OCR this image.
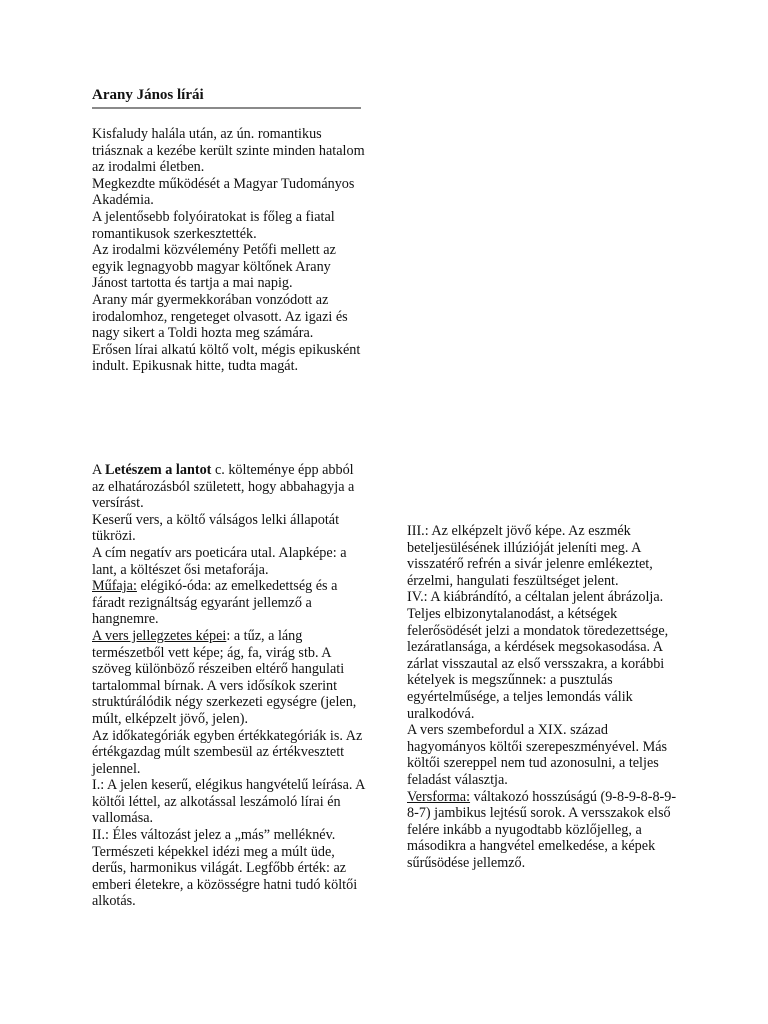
Arany János lírái

Kisfaludy halála után, az ún. romantikus triásznak a kezébe került szinte minden hatalom az irodalmi életben.

Megkezdte működését a Magyar Tudományos Akadémia.

A jelentősebb folyóiratokat is főleg a fiatal romantikusok szerkesztették.

Az irodalmi közvélemény Petőfi mellett az egyik legnagyobb magyar költőnek Arany Jánost tartotta és tartja a mai napig.

Arany már gyermekkorában vonzódott az irodalomhoz, rengeteget olvasott. Az igazi és nagy sikert a Toldi hozta meg számára.

Erősen lírai alkatú költő volt, mégis epikusként indult. Epikusnak hitte, tudta magát.

A Letészem a lantot c. költeménye épp abból az elhatározásból született, hogy abbahagyja a versírást.

Keserű vers, a költő válságos lelki állapotát tükrözi.

A cím negatív ars poeticára utal. Alapképe: a lant, a költészet ősi metaforája.

Műfaja: elégikó-óda: az emelkedettség és a fáradt rezignáltság egyaránt jellemző a hangnemre.

A vers jellegzetes képei: a tűz, a láng természetből vett képe; ág, fa, virág stb. A szöveg különböző részeiben eltérő hangulati tartalommal bírnak. A vers idősíkok szerint struktúrálódik négy szerkezeti egységre (jelen, múlt, elképzelt jövő, jelen).

Az időkategóriák egyben értékkategóriák is. Az értékgazdag múlt szembesül az értékvesztett jelennel.

I.: A jelen keserű, elégikus hangvételű leírása. A költői léttel, az alkotással leszámoló lírai én vallomása.

II.: Éles változást jelez a „más” melléknév. Természeti képekkel idézi meg a múlt üde, derűs, harmonikus világát. Legfőbb érték: az emberi életekre, a közösségre hatni tudó költői alkotás.

III.: Az elképzelt jövő képe. Az eszmék beteljesülésének illúzióját jeleníti meg. A visszatérő refrén a sivár jelenre emlékeztet, érzelmi, hangulati feszültséget jelent.

IV.: A kiábrándító, a céltalan jelent ábrázolja. Teljes elbizonytalanodást, a kétségek felerősödését jelzi a mondatok töredezettsége, lezáratlansága, a kérdések megsokasodása. A zárlat visszautal az első versszakra, a korábbi kételyek is megszűnnek: a pusztulás egyértelműsége, a teljes lemondás válik uralkodóvá.

A vers szembefordul a XIX. század hagyományos költői szerepeszményével. Más költői szereppel nem tud azonosulni, a teljes feladást választja.

Versforma: váltakozó hosszúságú (9-8-9-8-8-9-8-7) jambikus lejtésű sorok. A versszakok első felére inkább a nyugodtabb közlőjelleg, a másodikra a hangvétel emelkedése, a képek sűrűsödése jellemző.
